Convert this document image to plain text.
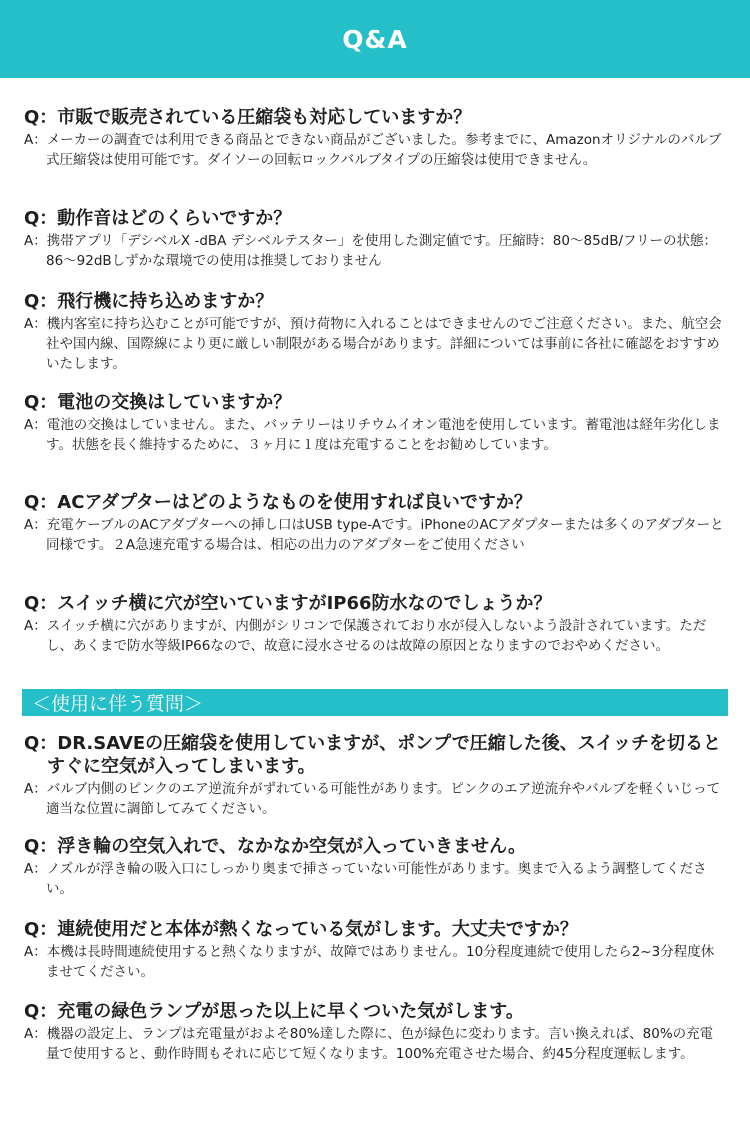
Q&A
Q：市販で販売されている圧縮袋も対応していますか？
A：メーカーの調査では利用できる商品とできない商品がございました。参考までに、Amazonオリジナルのバルブ式圧縮袋は使用可能です。ダイソーの回転ロックバルブタイプの圧縮袋は使用できません。
Q：動作音はどのくらいですか？
A：携帯アプリ「デシベルX -dBA デシベルテスター」を使用した測定値です。圧縮時：80〜85dB/フリーの状態：86〜92dBしずかな環境での使用は推奨しておりません
Q：飛行機に持ち込めますか？
A：機内客室に持ち込むことが可能ですが、預け荷物に入れることはできませんのでご注意ください。また、航空会社や国内線、国際線により更に厳しい制限がある場合があります。詳細については事前に各社に確認をおすすめいたします。
Q：電池の交換はしていますか？
A：電池の交換はしていません。また、バッテリーはリチウムイオン電池を使用しています。蓄電池は経年劣化します。状態を長く維持するために、３ヶ月に１度は充電することをお勧めしています。
Q：ACアダプターはどのようなものを使用すれば良いですか？
A：充電ケーブルのACアダプターへの挿し口はUSB type-Aです。iPhoneのACアダプターまたは多くのアダプターと同様です。２A急速充電する場合は、相応の出力のアダプターをご使用ください
Q：スイッチ横に穴が空いていますがIP66防水なのでしょうか？
A：スイッチ横に穴がありますが、内側がシリコンで保護されており水が侵入しないよう設計されています。ただし、あくまで防水等級IP66なので、故意に浸水させるのは故障の原因となりますのでおやめください。
＜使用に伴う質問＞
Q：DR.SAVEの圧縮袋を使用していますが、ポンプで圧縮した後、スイッチを切るとすぐに空気が入ってしまいます。
A：バルブ内側のピンクのエア逆流弁がずれている可能性があります。ピンクのエア逆流弁やバルブを軽くいじって適当な位置に調節してみてください。
Q：浮き輪の空気入れで、なかなか空気が入っていきません。
A：ノズルが浮き輪の吸入口にしっかり奥まで挿さっていない可能性があります。奥まで入るよう調整してください。
Q：連続使用だと本体が熱くなっている気がします。大丈夫ですか？
A：本機は長時間連続使用すると熱くなりますが、故障ではありません。10分程度連続で使用したら2~3分程度休ませてください。
Q：充電の緑色ランプが思った以上に早くついた気がします。
A：機器の設定上、ランプは充電量がおよそ80%達した際に、色が緑色に変わります。言い換えれば、80%の充電量で使用すると、動作時間もそれに応じて短くなります。100%充電させた場合、約45分程度運転します。
